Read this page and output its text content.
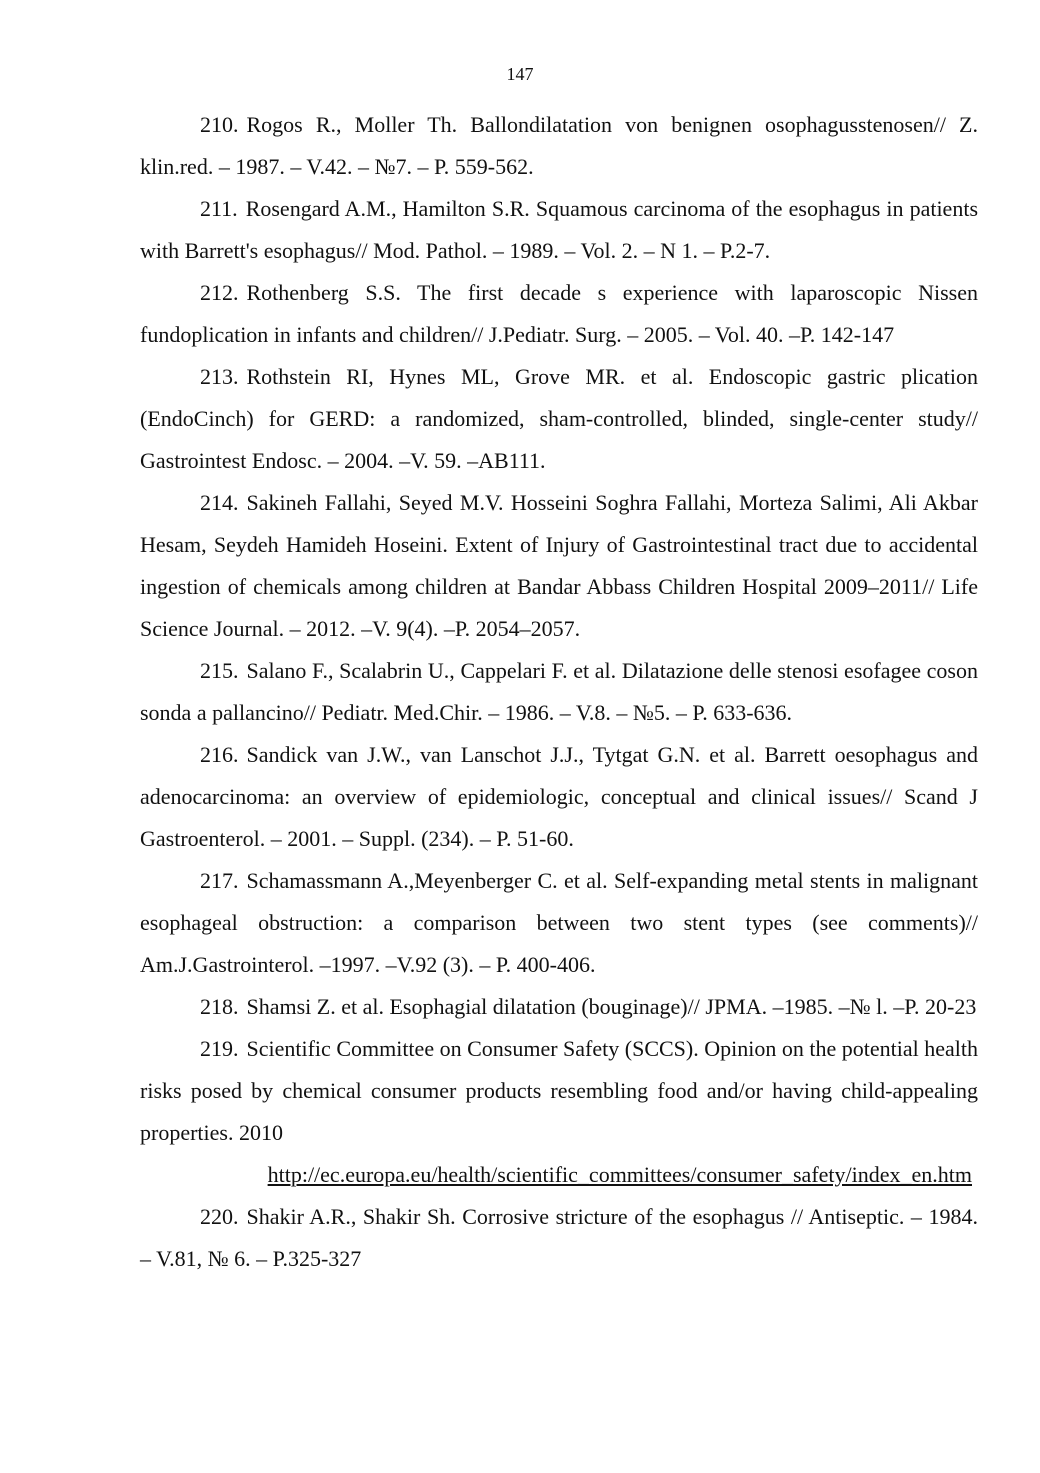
147

210. Rogos R., Moller Th. Ballondilatation von benignen osophagusstenosen// Z. klin.red. – 1987. – V.42. – №7. – P. 559-562.

211. Rosengard A.M., Hamilton S.R. Squamous carcinoma of the esophagus in patients with Barrett's esophagus// Mod. Pathol. – 1989. – Vol. 2. – N 1. – P.2-7.

212. Rothenberg S.S. The first decade s experience with laparoscopic Nissen fundoplication in infants and children// J.Pediatr. Surg. – 2005. – Vol. 40. –P. 142-147

213. Rothstein RI, Hynes ML, Grove MR. et al. Endoscopic gastric plication (EndoCinch) for GERD: a randomized, sham-controlled, blinded, single-center study// Gastrointest Endosc. – 2004. –V. 59. –AB111.

214. Sakineh Fallahi, Seyed M.V. Hosseini Soghra Fallahi, Morteza Salimi, Ali Akbar Hesam, Seydeh Hamideh Hoseini. Extent of Injury of Gastrointestinal tract due to accidental ingestion of chemicals among children at Bandar Abbass Children Hospital 2009–2011// Life Science Journal. – 2012. –V. 9(4). –P. 2054–2057.

215. Salano F., Scalabrin U., Cappelari F. et al. Dilatazione delle stenosi esofagee coson sonda a pallancino// Pediatr. Med.Chir. – 1986. – V.8. – №5. – P. 633-636.

216. Sandick van J.W., van Lanschot J.J., Tytgat G.N. et al. Barrett oesophagus and adenocarcinoma: an overview of epidemiologic, conceptual and clinical issues// Scand J Gastroenterol. – 2001. – Suppl. (234). – P. 51-60.

217. Schamassmann A.,Meyenberger C. et al. Self-expanding metal stents in malignant esophageal obstruction: a comparison between two stent types (see comments)// Am.J.Gastrointerol. –1997. –V.92 (3). – P. 400-406.

218. Shamsi Z. et al. Esophagial dilatation (bouginage)// JPMA. –1985. –№ l. –P. 20-23

219. Scientific Committee on Consumer Safety (SCCS). Opinion on the potential health risks posed by chemical consumer products resembling food and/or having child-appealing properties. 2010

http://ec.europa.eu/health/scientific_committees/consumer_safety/index_en.htm

220. Shakir A.R., Shakir Sh. Corrosive stricture of the esophagus // Antiseptic. – 1984. – V.81, № 6. – P.325-327
